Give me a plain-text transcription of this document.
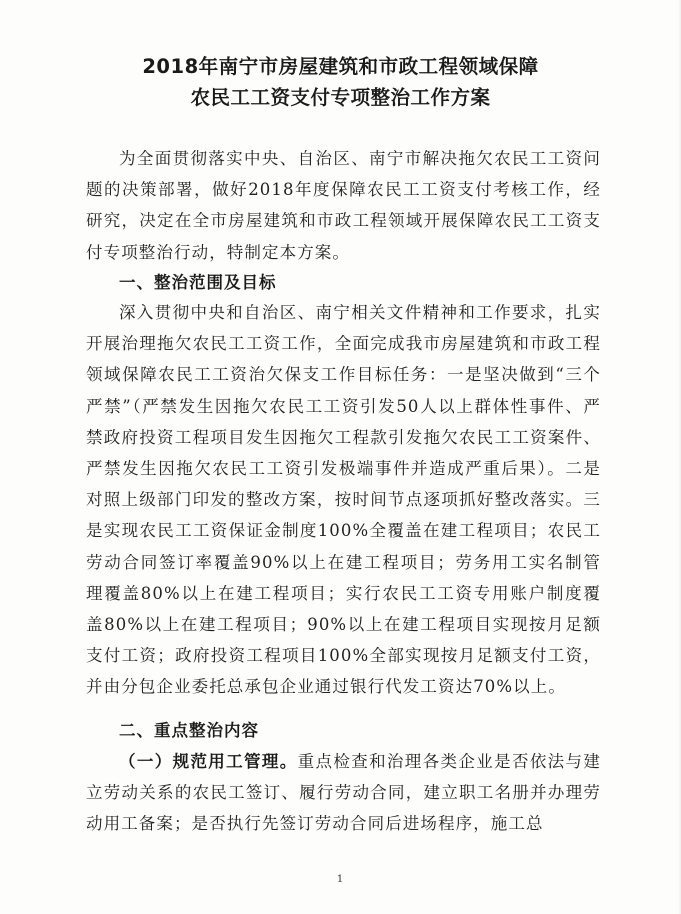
2018年南宁市房屋建筑和市政工程领域保障
农民工工资支付专项整治工作方案
为全面贯彻落实中央、自治区、南宁市解决拖欠农民工工资问题的决策部署，做好2018年度保障农民工工资支付考核工作，经研究，决定在全市房屋建筑和市政工程领域开展保障农民工工资支付专项整治行动，特制定本方案。
一、整治范围及目标
深入贯彻中央和自治区、南宁相关文件精神和工作要求，扎实开展治理拖欠农民工工资工作，全面完成我市房屋建筑和市政工程领域保障农民工工资治欠保支工作目标任务：一是坚决做到“三个严禁”（严禁发生因拖欠农民工工资引发50人以上群体性事件、严禁政府投资工程项目发生因拖欠工程款引发拖欠农民工工资案件、严禁发生因拖欠农民工工资引发极端事件并造成严重后果）。二是对照上级部门印发的整改方案，按时间节点逐项抓好整改落实。三是实现农民工工资保证金制度100%全覆盖在建工程项目；农民工劳动合同签订率覆盖90%以上在建工程项目；劳务用工实名制管理覆盖80%以上在建工程项目；实行农民工工资专用账户制度覆盖80%以上在建工程项目；90%以上在建工程项目实现按月足额支付工资；政府投资工程项目100%全部实现按月足额支付工资，并由分包企业委托总承包企业通过银行代发工资达70%以上。
二、重点整治内容
（一）规范用工管理。重点检查和治理各类企业是否依法与建立劳动关系的农民工签订、履行劳动合同，建立职工名册并办理劳动用工备案；是否执行先签订劳动合同后进场程序，施工总
1
